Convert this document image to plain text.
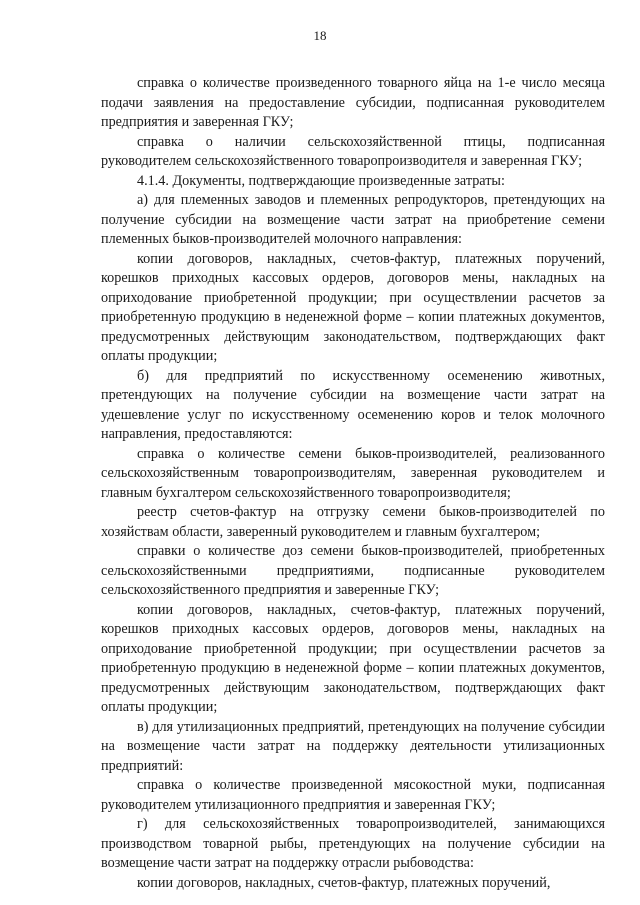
18

справка о количестве произведенного товарного яйца на 1-е число месяца подачи заявления на предоставление субсидии, подписанная руководителем предприятия и заверенная ГКУ;

справка о наличии сельскохозяйственной птицы, подписанная руководителем сельскохозяйственного товаропроизводителя и заверенная ГКУ;

4.1.4. Документы, подтверждающие произведенные затраты:

а) для племенных заводов и племенных репродукторов, претендующих на получение субсидии на возмещение части затрат на приобретение семени племенных быков-производителей молочного направления:

копии договоров, накладных, счетов-фактур, платежных поручений, корешков приходных кассовых ордеров, договоров мены, накладных на оприходование приобретенной продукции; при осуществлении расчетов за приобретенную продукцию в неденежной форме – копии платежных документов, предусмотренных действующим законодательством, подтверждающих факт оплаты продукции;

б) для предприятий по искусственному осеменению животных, претендующих на получение субсидии на возмещение части затрат на удешевление услуг по искусственному осеменению коров и телок молочного направления, предоставляются:

справка о количестве семени быков-производителей, реализованного сельскохозяйственным товаропроизводителям, заверенная руководителем и главным бухгалтером сельскохозяйственного товаропроизводителя;

реестр счетов-фактур на отгрузку семени быков-производителей по хозяйствам области, заверенный руководителем и главным бухгалтером;

справки о количестве доз семени быков-производителей, приобретенных сельскохозяйственными предприятиями, подписанные руководителем сельскохозяйственного предприятия и заверенные ГКУ;

копии договоров, накладных, счетов-фактур, платежных поручений, корешков приходных кассовых ордеров, договоров мены, накладных на оприходование приобретенной продукции; при осуществлении расчетов за приобретенную продукцию в неденежной форме – копии платежных документов, предусмотренных действующим законодательством, подтверждающих факт оплаты продукции;

в) для утилизационных предприятий, претендующих на получение субсидии на возмещение части затрат на поддержку деятельности утилизационных предприятий:

справка о количестве произведенной мясокостной муки, подписанная руководителем утилизационного предприятия и заверенная ГКУ;

г) для сельскохозяйственных товаропроизводителей, занимающихся производством товарной рыбы, претендующих на получение субсидии на возмещение части затрат на поддержку отрасли рыбоводства:

копии договоров, накладных, счетов-фактур, платежных поручений,
